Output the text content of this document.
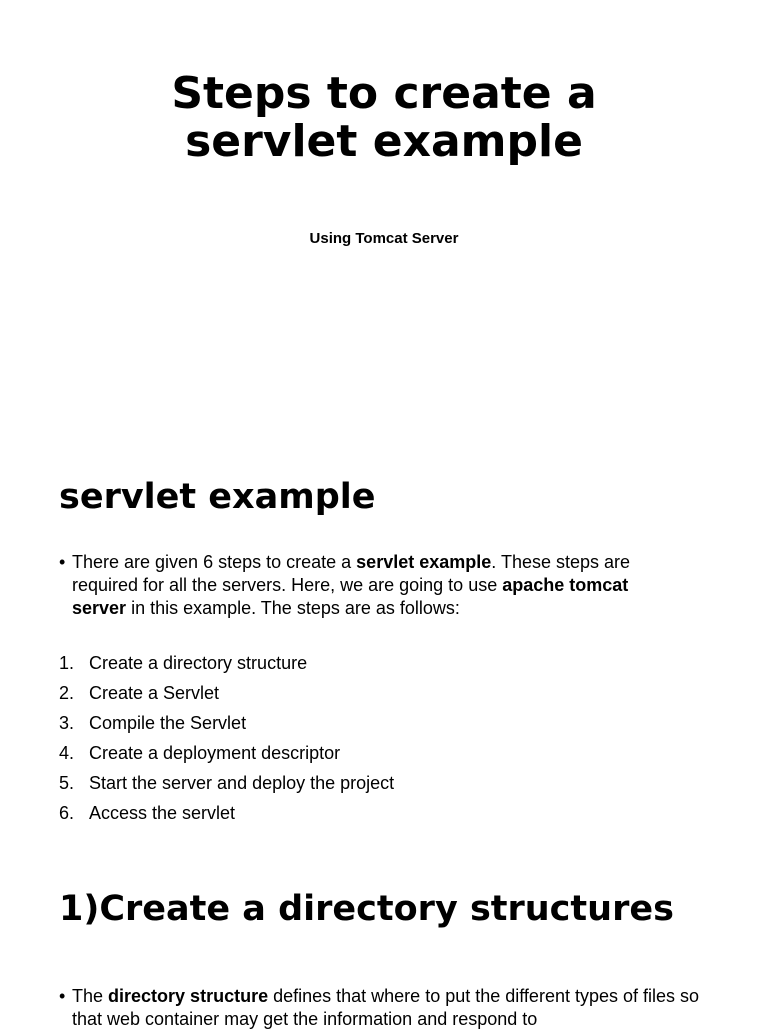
Steps to create a
servlet example

Using Tomcat Server

servlet example
• There are given 6 steps to create a servlet example. These steps are required for all the servers. Here, we are going to use apache tomcat server in this example. The steps are as follows:
1. Create a directory structure
2. Create a Servlet
3. Compile the Servlet
4. Create a deployment descriptor
5. Start the server and deploy the project
6. Access the servlet
1)Create a directory structures
• The directory structure defines that where to put the different types of files so that web container may get the information and respond to
